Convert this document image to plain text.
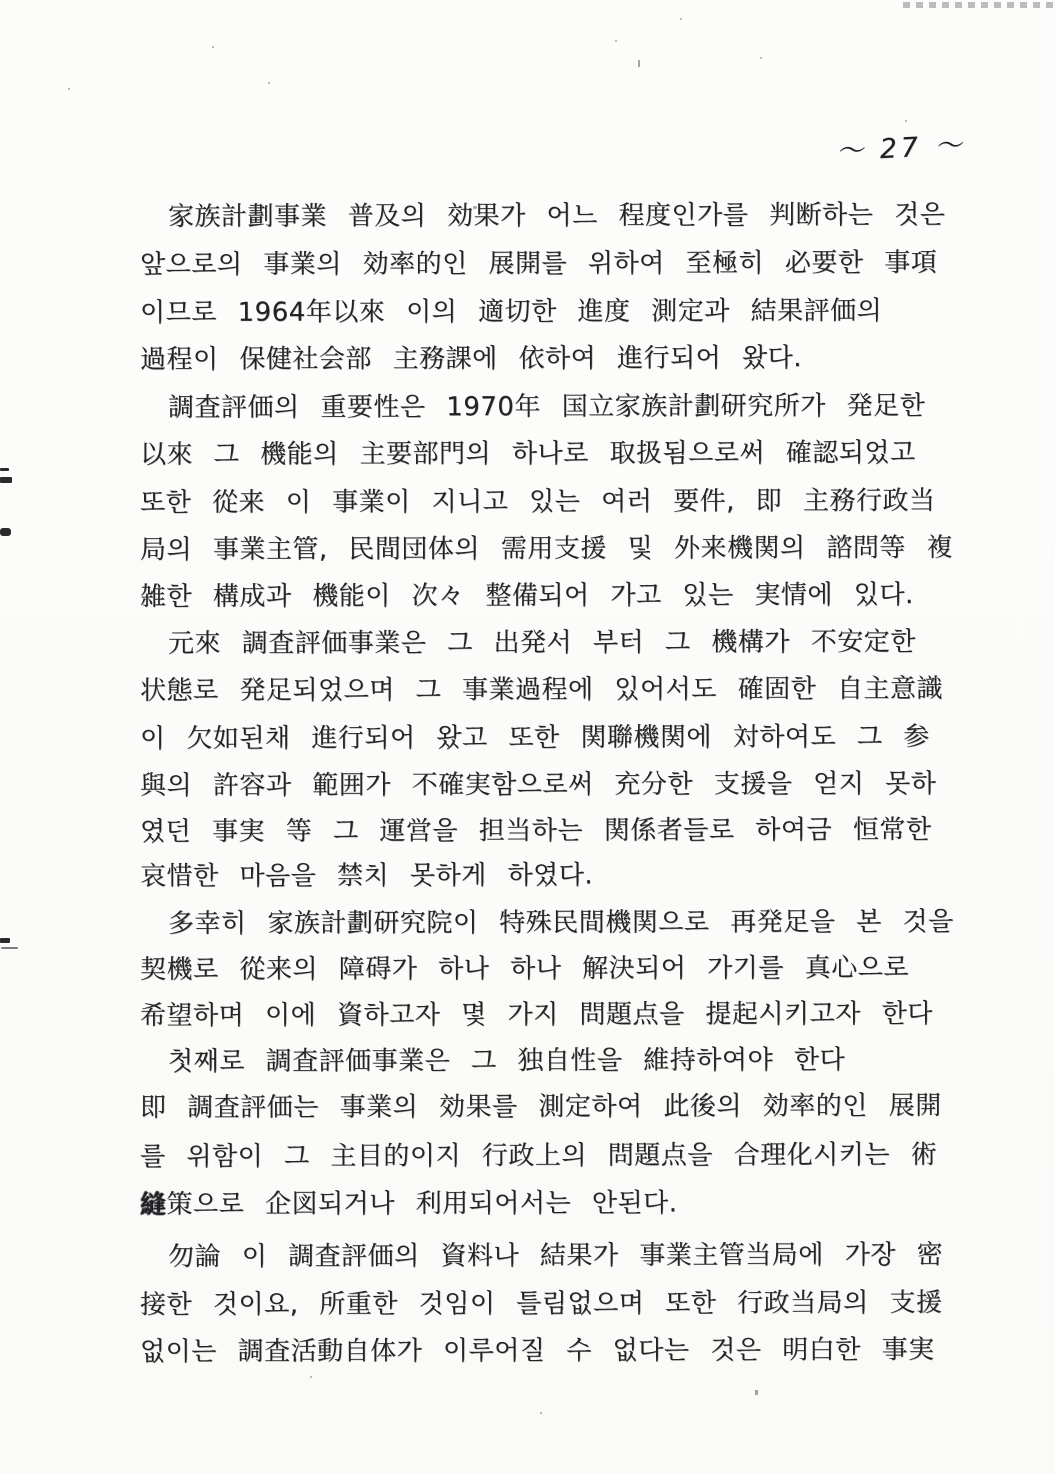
〜 27 〜
家族計劃事業 普及의 効果가 어느 程度인가를 判断하는 것은
앞으로의 事業의 効率的인 展開를 위하여 至極히 必要한 事項
이므로 1964年以來 이의 適切한 進度 測定과 結果評価의
過程이 保健社会部 主務課에 依하여 進行되어 왔다.
調査評価의 重要性은 1970年 国立家族計劃研究所가 発足한
以來 그 機能의 主要部門의 하나로 取扱됨으로써 確認되었고
또한 從来 이 事業이 지니고 있는 여러 要件, 即 主務行政当
局의 事業主管, 民間団体의 需用支援 및 外来機関의 諮問等 複
雑한 構成과 機能이 次々 整備되어 가고 있는 実情에 있다.
元來 調査評価事業은 그 出発서 부터 그 機構가 不安定한
状態로 発足되었으며 그 事業過程에 있어서도 確固한 自主意識
이 欠如된채 進行되어 왔고 또한 関聯機関에 対하여도 그 参
與의 許容과 範囲가 不確実함으로써 充分한 支援을 얻지 못하
였던 事実 等 그 運営을 担当하는 関係者들로 하여금 恒常한
哀惜한 마음을 禁치 못하게 하였다.
多幸히 家族計劃研究院이 特殊民間機関으로 再発足을 본 것을
契機로 從来의 障碍가 하나 하나 解決되어 가기를 真心으로
希望하며 이에 資하고자 몇 가지 問題点을 提起시키고자 한다
첫째로 調査評価事業은 그 独自性을 維持하여야 한다
即 調査評価는 事業의 効果를 測定하여 此後의 効率的인 展開
를 위함이 그 主目的이지 行政上의 問題点을 合理化시키는 術
縫策으로 企図되거나 利用되어서는 안된다.
勿論 이 調査評価의 資料나 結果가 事業主管当局에 가장 密
接한 것이요, 所重한 것임이 틀림없으며 또한 行政当局의 支援
없이는 調査活動自体가 이루어질 수 없다는 것은 明白한 事実
